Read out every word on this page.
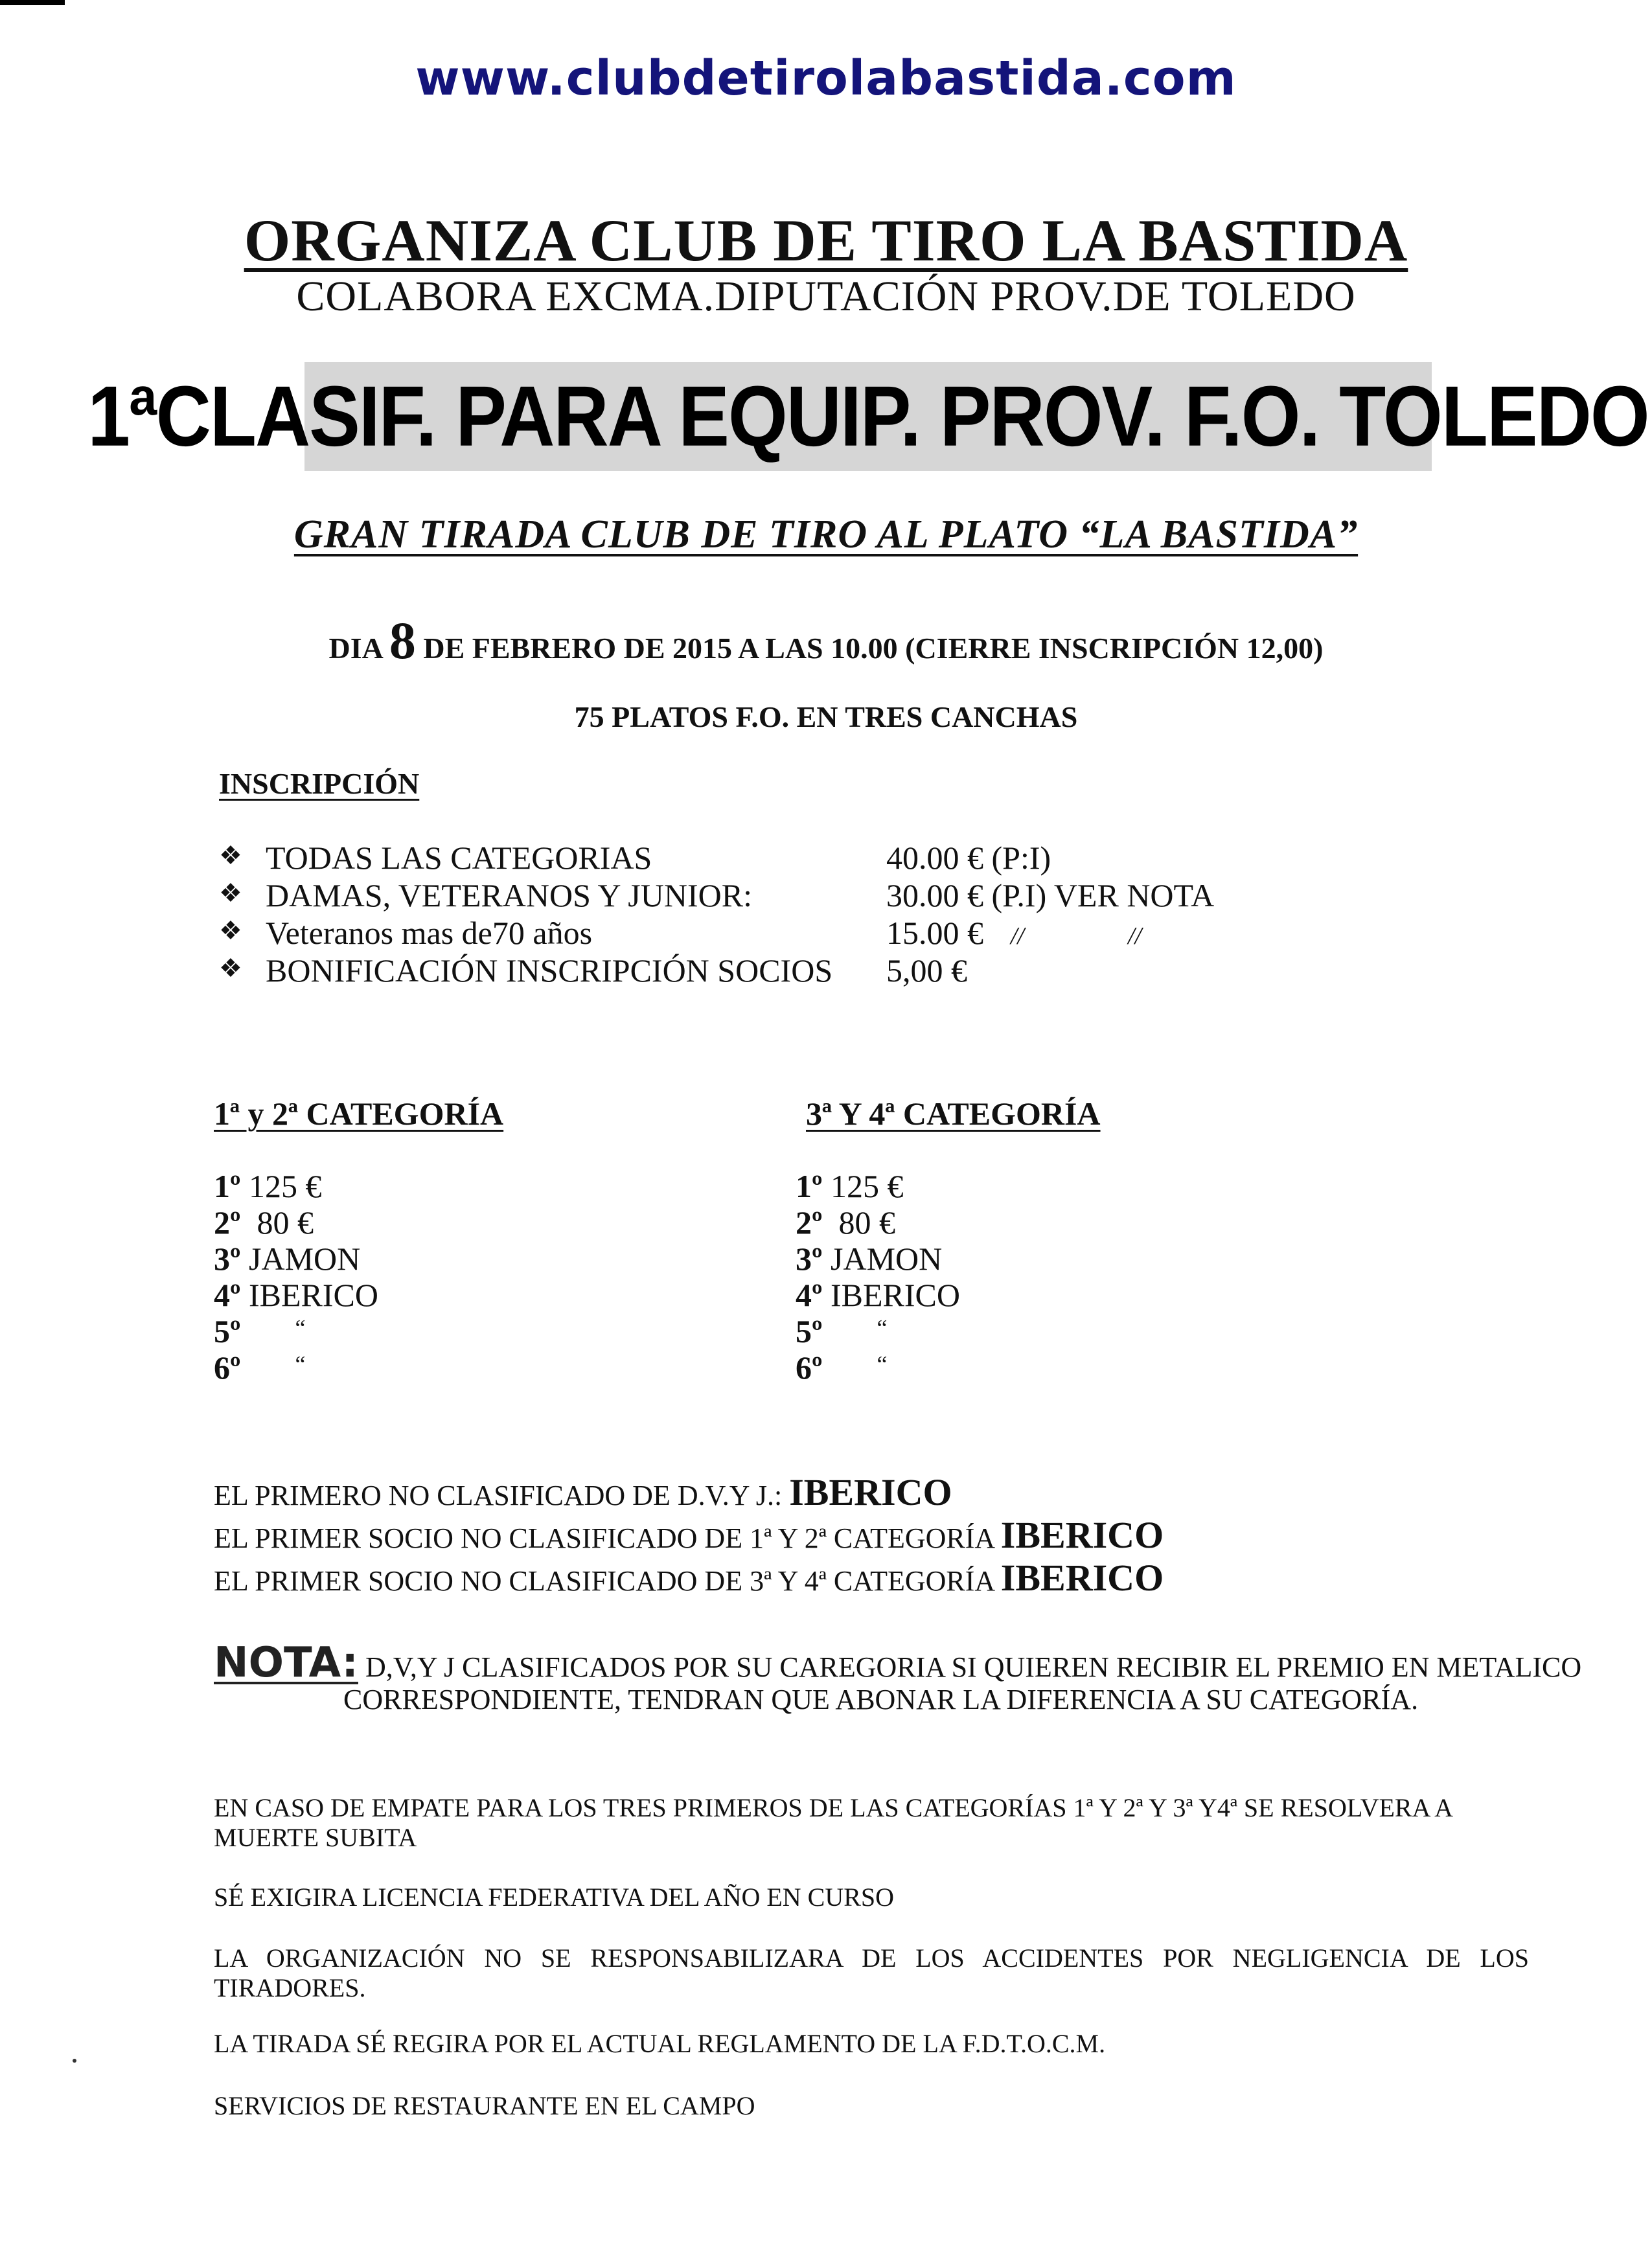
www.clubdetirolabastida.com
ORGANIZA CLUB DE TIRO LA BASTIDA
COLABORA EXCMA.DIPUTACIÓN PROV.DE TOLEDO
1ªCLASIF. PARA EQUIP. PROV. F.O. TOLEDO
GRAN TIRADA CLUB DE TIRO AL PLATO “LA BASTIDA”
DIA 8 DE FEBRERO DE 2015 A LAS 10.00 (CIERRE INSCRIPCIÓN 12,00)
75 PLATOS F.O. EN TRES CANCHAS
INSCRIPCIÓN
❖ TODAS LAS CATEGORIAS	40.00 € (P:I)
❖ DAMAS, VETERANOS Y JUNIOR:	30.00 € (P.I) VER NOTA
❖ Veteranos mas de70 años	15.00 € //	//
❖ BONIFICACIÓN INSCRIPCIÓN SOCIOS 5,00 €
1ª y 2ª CATEGORÍA
1º 125 €
2º  80 €
3º JAMON
4º IBERICO
5º “
6º “
3ª Y 4ª CATEGORÍA
1º 125 €
2º  80 €
3º JAMON
4º IBERICO
5º “
6º “
EL PRIMERO NO CLASIFICADO DE D.V.Y J.: IBERICO
EL PRIMER SOCIO NO CLASIFICADO DE 1ª Y 2ª CATEGORÍA IBERICO
EL PRIMER SOCIO NO CLASIFICADO DE 3ª Y 4ª CATEGORÍA IBERICO
NOTA: D,V,Y J CLASIFICADOS POR SU CAREGORIA SI QUIEREN RECIBIR EL PREMIO EN METALICO
CORRESPONDIENTE, TENDRAN QUE ABONAR LA DIFERENCIA A SU CATEGORÍA.
EN CASO DE EMPATE PARA LOS TRES PRIMEROS DE LAS CATEGORÍAS 1ª Y 2ª Y 3ª Y4ª SE RESOLVERA A MUERTE SUBITA
SÉ EXIGIRA LICENCIA FEDERATIVA DEL AÑO EN CURSO
LA ORGANIZACIÓN NO SE RESPONSABILIZARA DE LOS ACCIDENTES POR NEGLIGENCIA DE LOS TIRADORES.
LA TIRADA SÉ REGIRA POR EL ACTUAL REGLAMENTO DE LA F.D.T.O.C.M.
SERVICIOS DE RESTAURANTE EN EL CAMPO
